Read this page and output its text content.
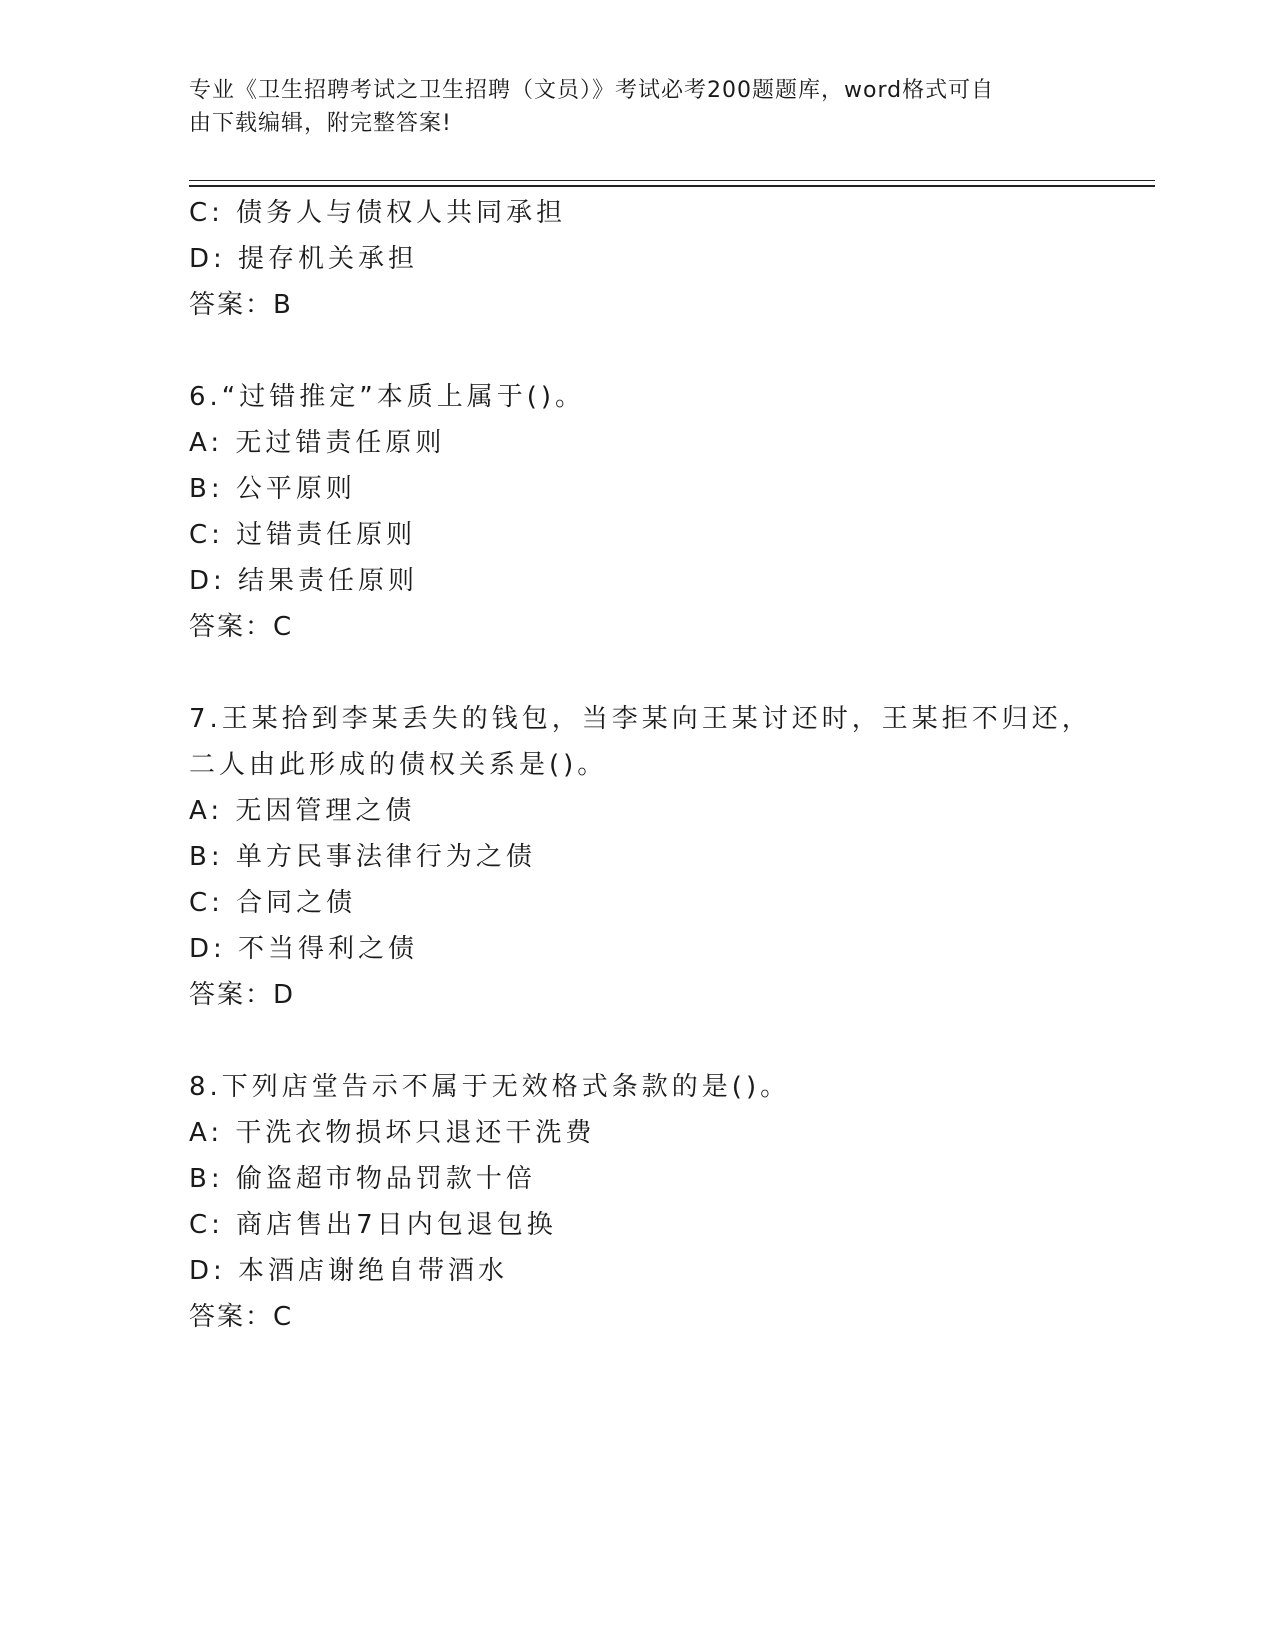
专业《卫生招聘考试之卫生招聘（文员）》考试必考200题题库，word格式可自
由下载编辑，附完整答案!
C: 债务人与债权人共同承担
D: 提存机关承担
答案：B
6.“过错推定”本质上属于()。
A: 无过错责任原则
B: 公平原则
C: 过错责任原则
D: 结果责任原则
答案：C
7.王某拾到李某丢失的钱包，当李某向王某讨还时，王某拒不归还，
二人由此形成的债权关系是()。
A: 无因管理之债
B: 单方民事法律行为之债
C: 合同之债
D: 不当得利之债
答案：D
8.下列店堂告示不属于无效格式条款的是()。
A: 干洗衣物损坏只退还干洗费
B: 偷盗超市物品罚款十倍
C: 商店售出7日内包退包换
D: 本酒店谢绝自带酒水
答案：C
